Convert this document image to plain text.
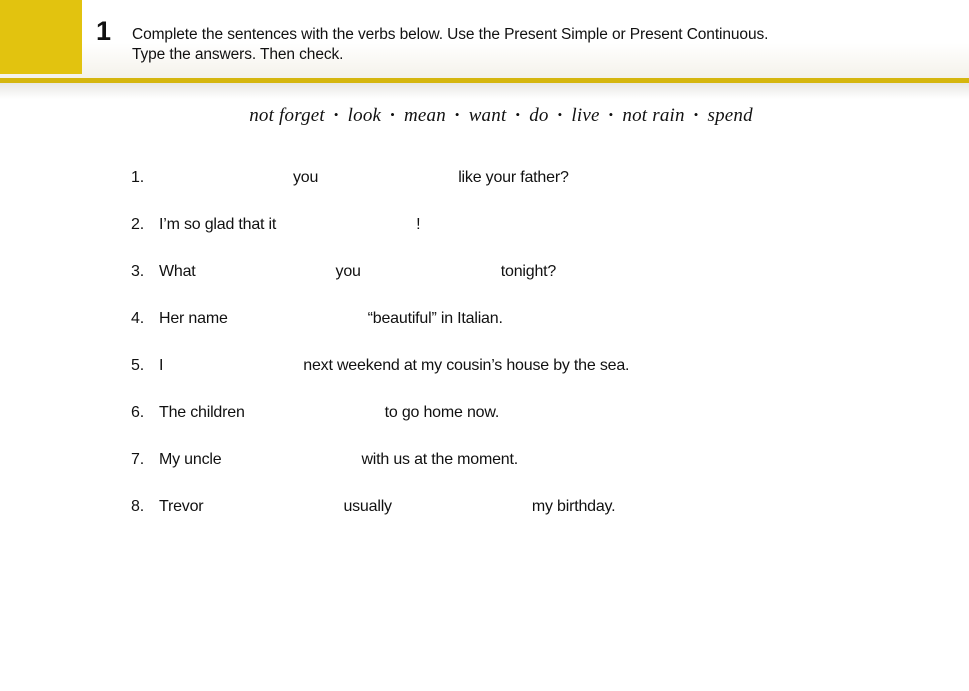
1 Complete the sentences with the verbs below. Use the Present Simple or Present Continuous.
Type the answers. Then check.
not forget • look • mean • want • do • live • not rain • spend
1.	you	like your father?
2. I’m so glad that it	!
3. What	you	tonight?
4. Her name	“beautiful” in Italian.
5. I	next weekend at my cousin’s house by the sea.
6. The children	to go home now.
7. My uncle	with us at the moment.
8. Trevor	usually	my birthday.
